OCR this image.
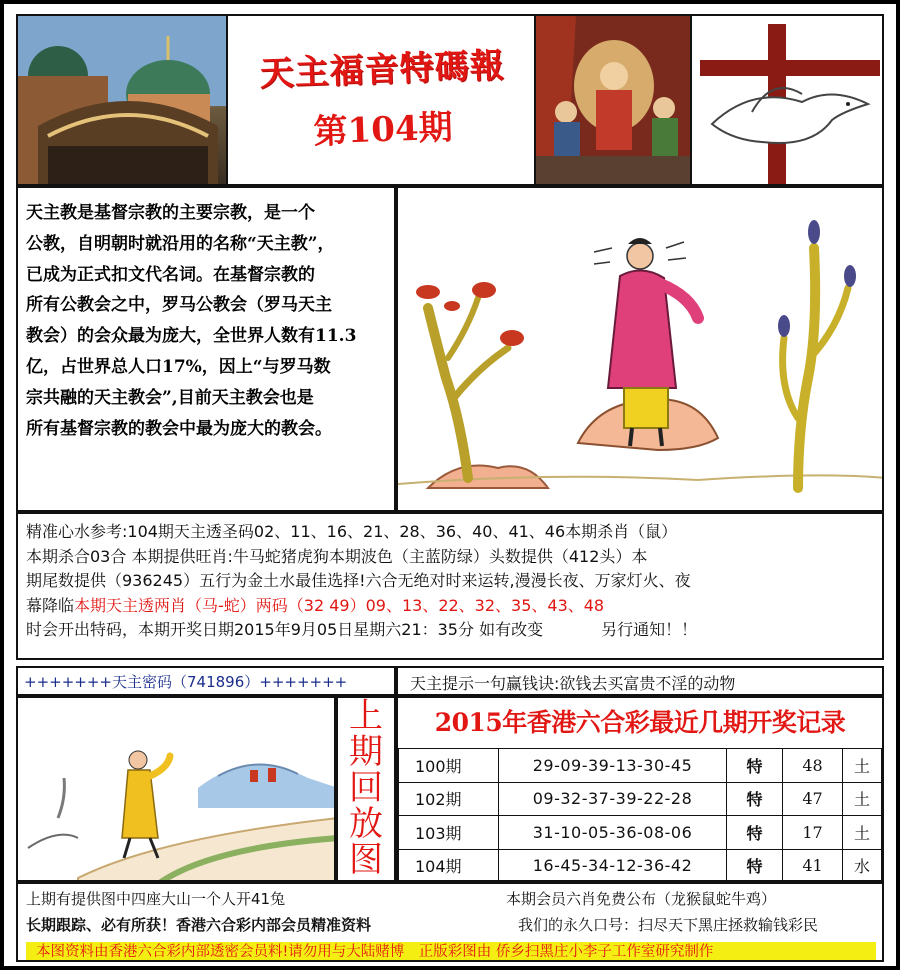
天主福音特碼報
第104期

天主教是基督宗教的主要宗教，是一个

公教，自明朝时就沿用的名称“天主教”，

已成为正式扣文代名词。在基督宗教的

所有公教会之中，罗马公教会（罗马天主

教会）的会众最为庞大，全世界人数有11.3

亿，占世界总人口17%，因上“与罗马数

宗共融的天主教会”,目前天主教会也是

所有基督宗教的教会中最为庞大的教会。

精准心水参考:104期天主透圣码02、11、16、21、28、36、40、41、46本期杀肖（鼠）
本期杀合03合 本期提供旺肖:牛马蛇猪虎狗本期波色（主蓝防绿）头数提供（412头）本
期尾数提供（936245）五行为金土水最佳选择!六合无绝对时来运转,漫漫长夜、万家灯火、夜
幕降临本期天主透两肖（马-蛇）两码（32 49）09、13、22、32、35、43、48
时会开出特码，本期开奖日期2015年9月05日星期六21：35分 如有改变	另行通知！！
+++++++天主密码（741896）+++++++	天主提示一句赢钱诀:欲钱去买富贵不淫的动物
上
期
回
放
图
2015年香港六合彩最近几期开奖记录
100期	29-09-39-13-30-45	特	48	土
102期	09-32-37-39-22-28	特	47	土
103期	31-10-05-36-08-06	特	17	土
104期	16-45-34-12-36-42	特	41	水
上期有提供图中四座大山一个人开41兔	本期会员六肖免费公布（龙猴鼠蛇牛鸡）
长期跟踪、必有所获！香港六合彩内部会员精准资料	我们的永久口号：扫尽天下黑庄拯救输钱彩民
本图资料由香港六合彩内部透密会员料!请勿用与大陆赌博　正版彩图由 侨乡扫黑庄小李子工作室研究制作
